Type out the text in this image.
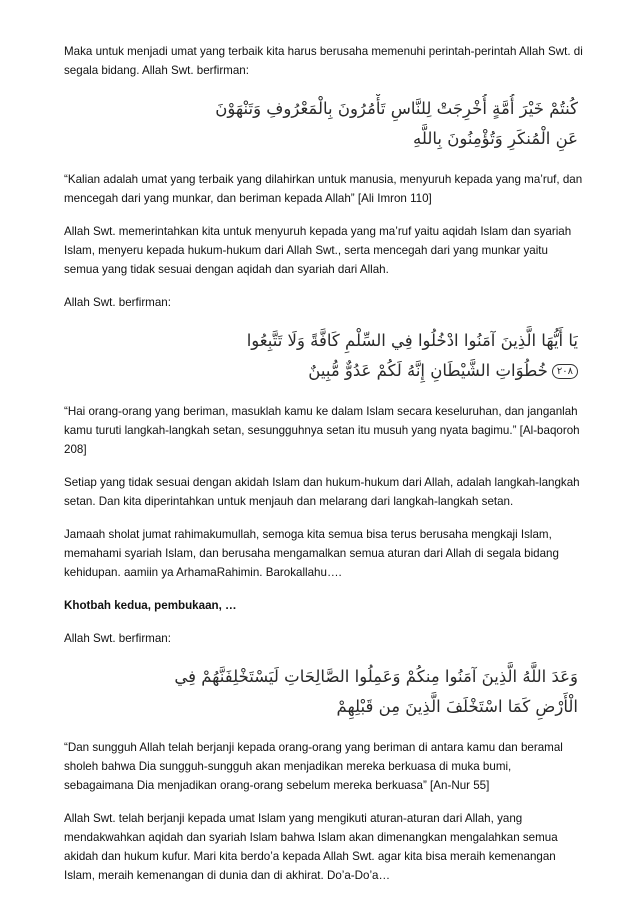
Maka untuk menjadi umat yang terbaik kita harus berusaha memenuhi perintah-perintah Allah Swt. di segala bidang. Allah Swt. berfirman:

كُنتُمْ خَيْرَ أُمَّةٍ أُخْرِجَتْ لِلنَّاسِ تَأْمُرُونَ بِالْمَعْرُوفِ وَتَنْهَوْنَ
عَنِ الْمُنكَرِ وَتُؤْمِنُونَ بِاللَّهِ

“Kalian adalah umat yang terbaik yang dilahirkan untuk manusia, menyuruh kepada yang ma’ruf, dan mencegah dari yang munkar, dan beriman kepada Allah” [Ali Imron 110]

Allah Swt. memerintahkan kita untuk menyuruh kepada yang ma’ruf yaitu aqidah Islam dan syariah Islam, menyeru kepada hukum-hukum dari Allah Swt., serta mencegah dari yang munkar yaitu semua yang tidak sesuai dengan aqidah dan syariah dari Allah.

Allah Swt. berfirman:

يَا أَيُّهَا الَّذِينَ آمَنُوا ادْخُلُوا فِي السِّلْمِ كَافَّةً وَلَا تَتَّبِعُوا
٢٠٨خُطُوَاتِ الشَّيْطَانِ إِنَّهُ لَكُمْ عَدُوٌّ مُّبِينٌ

“Hai orang-orang yang beriman, masuklah kamu ke dalam Islam secara keseluruhan, dan janganlah kamu turuti langkah-langkah setan, sesungguhnya setan itu musuh yang nyata bagimu.” [Al-baqoroh 208]

Setiap yang tidak sesuai dengan akidah Islam dan hukum-hukum dari Allah, adalah langkah-langkah setan. Dan kita diperintahkan untuk menjauh dan melarang dari langkah-langkah setan.

Jamaah sholat jumat rahimakumullah, semoga kita semua bisa terus berusaha mengkaji Islam, memahami syariah Islam, dan berusaha mengamalkan semua aturan dari Allah di segala bidang kehidupan. aamiin ya ArhamaRahimin. Barokallahu….

Khotbah kedua, pembukaan, …

Allah Swt. berfirman:

وَعَدَ اللَّهُ الَّذِينَ آمَنُوا مِنكُمْ وَعَمِلُوا الصَّالِحَاتِ لَيَسْتَخْلِفَنَّهُمْ فِي
الْأَرْضِ كَمَا اسْتَخْلَفَ الَّذِينَ مِن قَبْلِهِمْ

“Dan sungguh Allah telah berjanji kepada orang-orang yang beriman di antara kamu dan beramal sholeh bahwa Dia sungguh-sungguh akan menjadikan mereka berkuasa di muka bumi, sebagaimana Dia menjadikan orang-orang sebelum mereka berkuasa” [An-Nur 55]

Allah Swt. telah berjanji kepada umat Islam yang mengikuti aturan-aturan dari Allah, yang mendakwahkan aqidah dan syariah Islam bahwa Islam akan dimenangkan mengalahkan semua akidah dan hukum kufur. Mari kita berdo’a kepada Allah Swt. agar kita bisa meraih kemenangan Islam, meraih kemenangan di dunia dan di akhirat. Do’a-Do’a…
